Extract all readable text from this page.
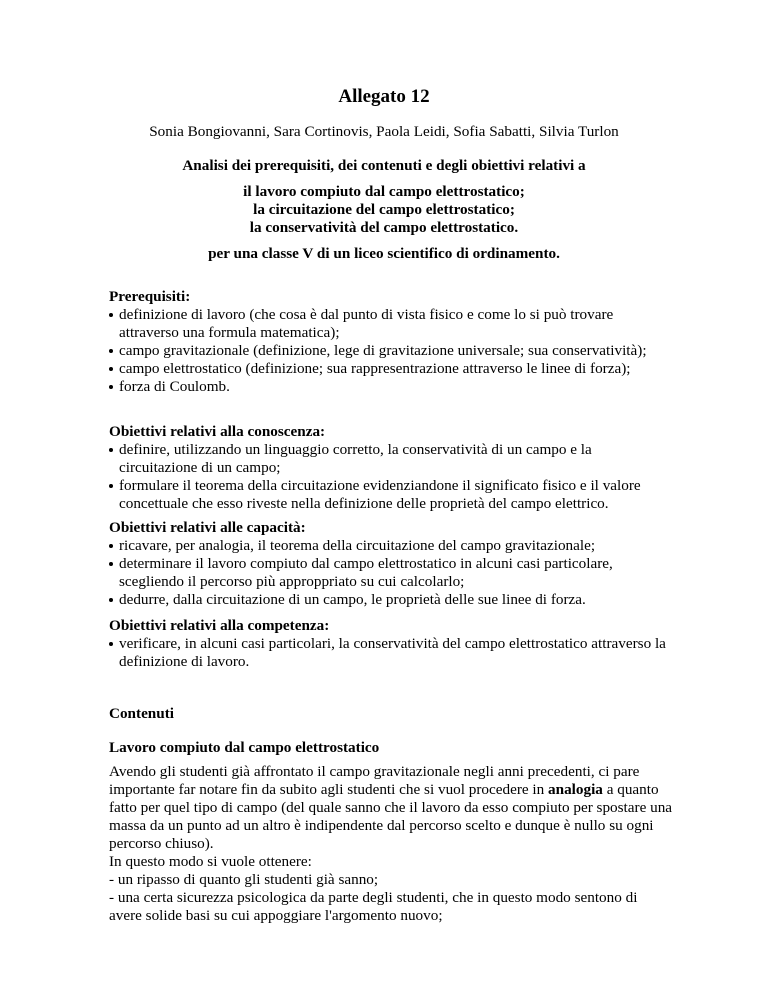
Allegato 12

Sonia Bongiovanni, Sara Cortinovis, Paola Leidi, Sofia Sabatti, Silvia Turlon

Analisi dei prerequisiti, dei contenuti e degli obiettivi relativi a
il lavoro compiuto dal campo elettrostatico;
la circuitazione del campo elettrostatico;
la conservatività del campo elettrostatico.
per una classe V di un liceo scientifico di ordinamento.

Prerequisiti:

definizione di lavoro (che cosa è dal punto di vista fisico e come lo si può trovare attraverso una formula matematica);
campo gravitazionale (definizione, lege di gravitazione universale; sua conservatività);
campo elettrostatico (definizione; sua rappresentrazione attraverso le linee di forza);
forza di Coulomb.

Obiettivi relativi alla conoscenza:

definire, utilizzando un linguaggio corretto, la conservatività di un campo e la circuitazione di un campo;
formulare il teorema della circuitazione evidenziandone il significato fisico e il valore concettuale che esso riveste nella definizione delle proprietà del campo elettrico.

Obiettivi relativi alle capacità:

ricavare, per analogia, il teorema della circuitazione del campo gravitazionale;
determinare il lavoro compiuto dal campo elettrostatico in alcuni casi particolare, scegliendo il percorso più approppriato su cui calcolarlo;
dedurre, dalla circuitazione di un campo, le proprietà delle sue linee di forza.

Obiettivi relativi alla competenza:

verificare, in alcuni casi particolari, la conservatività del campo elettrostatico attraverso la definizione di lavoro.

Contenuti

Lavoro compiuto dal campo elettrostatico

Avendo gli studenti già affrontato il campo gravitazionale negli anni precedenti, ci pare importante far notare fin da subito agli studenti che si vuol procedere in analogia a quanto fatto per quel tipo di campo (del quale sanno che il lavoro da esso compiuto per spostare una massa da un punto ad un altro è indipendente dal percorso scelto e dunque è nullo su ogni percorso chiuso).

In questo modo si vuole ottenere:

- un ripasso di quanto gli studenti già sanno;

- una certa sicurezza psicologica da parte degli studenti, che in questo modo sentono di avere solide basi su cui appoggiare l'argomento nuovo;
